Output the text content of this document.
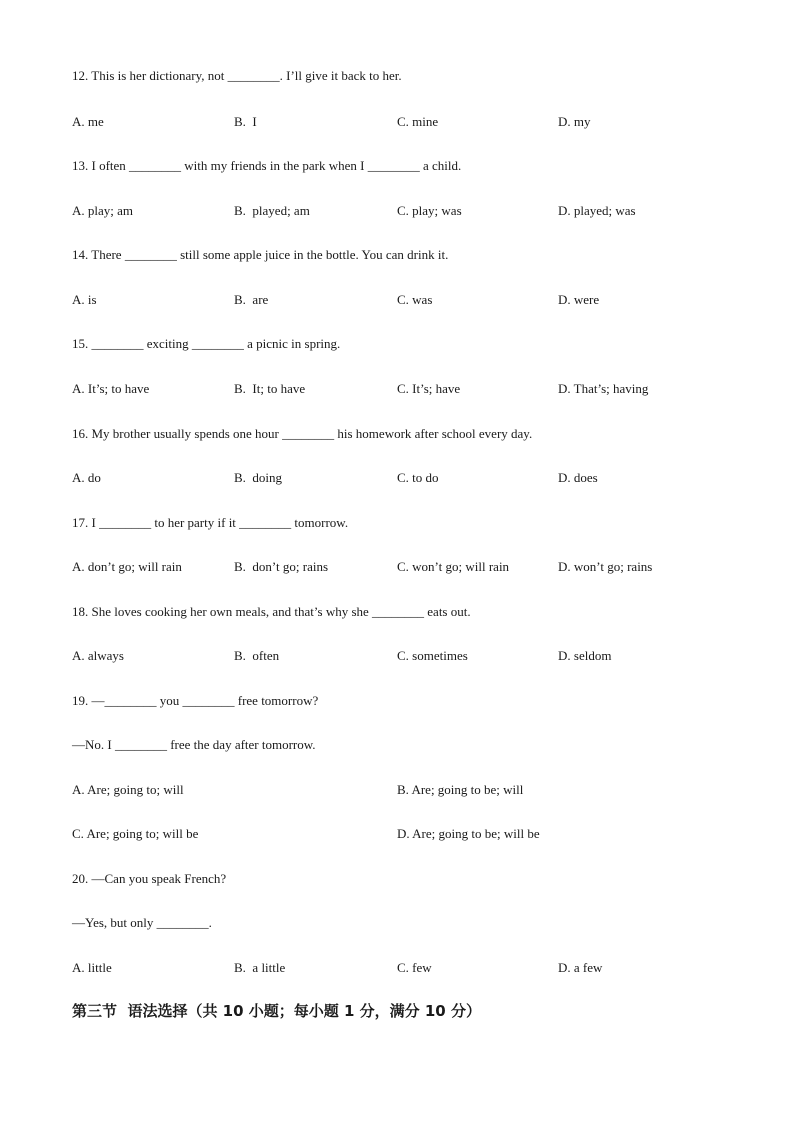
12. This is her dictionary, not ________. I’ll give it back to her.
A. me	B.  I	C. mine	D. my
13. I often ________ with my friends in the park when I ________ a child.
A. play; am	B.  played; am	C. play; was	D. played; was
14. There ________ still some apple juice in the bottle. You can drink it.
A. is	B.  are	C. was	D. were
15. ________ exciting ________ a picnic in spring.
A. It’s; to have	B.  It; to have	C. It’s; have	D. That’s; having
16. My brother usually spends one hour ________ his homework after school every day.
A. do	B.  doing	C. to do	D. does
17. I ________ to her party if it ________ tomorrow.
A. don’t go; will rain	B.  don’t go; rains	C. won’t go; will rain	D. won’t go; rains
18. She loves cooking her own meals, and that’s why she ________ eats out.
A. always	B.  often	C. sometimes	D. seldom
19. —________ you ________ free tomorrow?
—No. I ________ free the day after tomorrow.
A. Are; going to; will	B. Are; going to be; will
C. Are; going to; will be	D. Are; going to be; will be
20. —Can you speak French?
—Yes, but only ________.
A. little	B.  a little	C. few	D. a few
第三节  语法选择（共 10 小题；每小题 1 分，满分 10 分）
